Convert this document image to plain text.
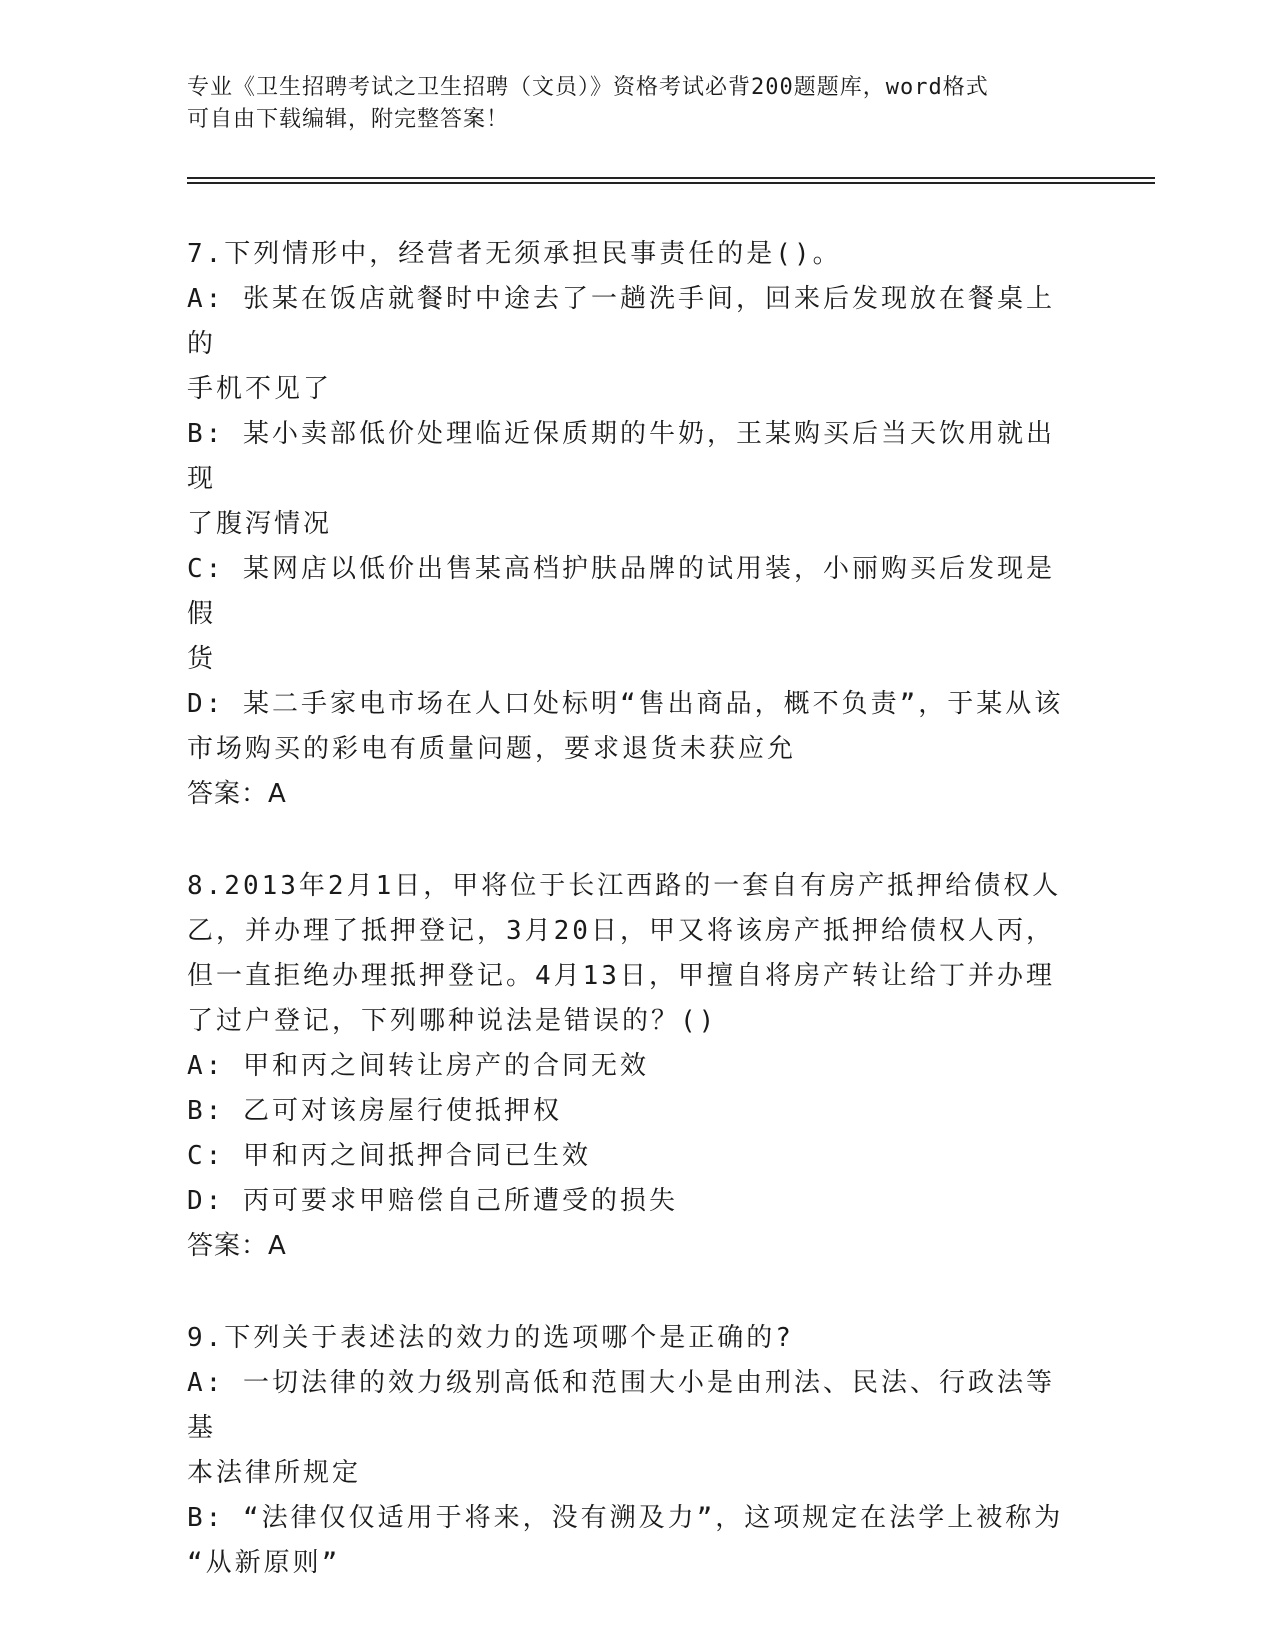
专业《卫生招聘考试之卫生招聘（文员）》资格考试必背200题题库，word格式
可自由下载编辑，附完整答案！
7.下列情形中，经营者无须承担民事责任的是()。
A: 张某在饭店就餐时中途去了一趟洗手间，回来后发现放在餐桌上的
手机不见了
B: 某小卖部低价处理临近保质期的牛奶，王某购买后当天饮用就出现
了腹泻情况
C: 某网店以低价出售某高档护肤品牌的试用装，小丽购买后发现是假
货
D: 某二手家电市场在人口处标明“售出商品，概不负责”，于某从该
市场购买的彩电有质量问题，要求退货未获应允
答案：A
8.2013年2月1日，甲将位于长江西路的一套自有房产抵押给债权人
乙，并办理了抵押登记，3月20日，甲又将该房产抵押给债权人丙，
但一直拒绝办理抵押登记。4月13日，甲擅自将房产转让给丁并办理
了过户登记，下列哪种说法是错误的？()
A: 甲和丙之间转让房产的合同无效
B: 乙可对该房屋行使抵押权
C: 甲和丙之间抵押合同已生效
D: 丙可要求甲赔偿自己所遭受的损失
答案：A
9.下列关于表述法的效力的选项哪个是正确的?
A: 一切法律的效力级别高低和范围大小是由刑法、民法、行政法等基
本法律所规定
B: “法律仅仅适用于将来，没有溯及力”，这项规定在法学上被称为
“从新原则”
